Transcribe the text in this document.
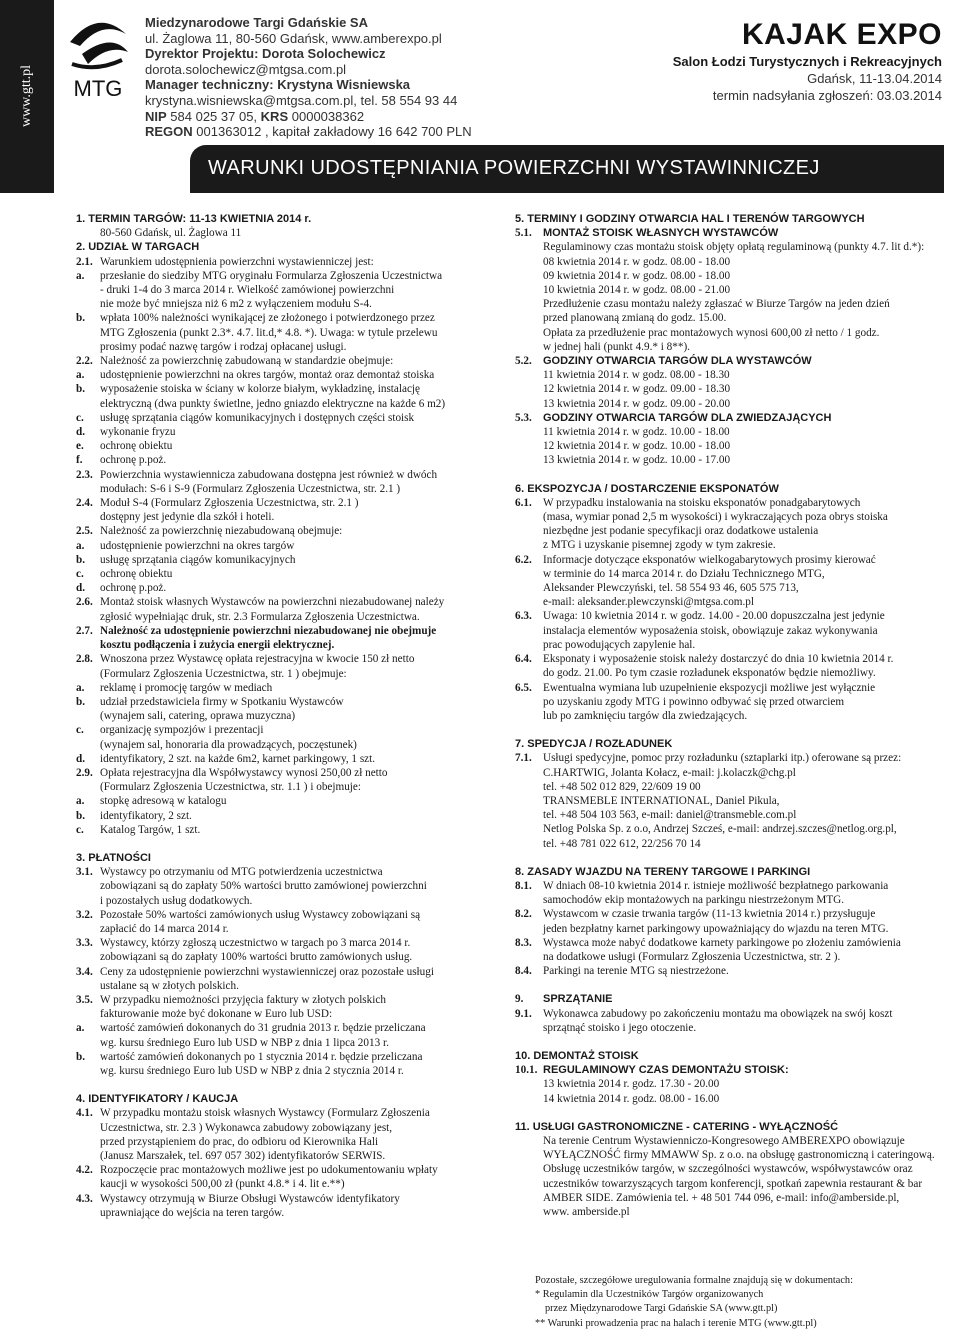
www.gtt.pl MTG
Miedzynarodowe Targi Gdańskie SA
ul. Żaglowa 11, 80-560 Gdańsk, www.amberexpo.pl
Dyrektor Projektu: Dorota Solochewicz
dorota.solochewicz@mtgsa.com.pl
Manager techniczny: Krystyna Wisniewska
krystyna.wisniewska@mtgsa.com.pl, tel. 58 554 93 44
NIP 584 025 37 05, KRS 0000038362
REGON 001363012 , kapitał zakładowy 16 642 700 PLN
KAJAK EXPO
Salon Łodzi Turystycznych i Rekreacyjnych
Gdańsk, 11-13.04.2014
termin nadsyłania zgłoszeń: 03.03.2014
WARUNKI UDOSTĘPNIANIA POWIERZCHNI WYSTAWINNICZEJ
1. TERMIN TARGÓW: 11-13 KWIETNIA 2014 r.
80-560 Gdańsk, ul. Żaglowa 11
2. UDZIAŁ W TARGACH
2.1. Warunkiem udostępnienia powierzchni wystawienniczej jest:
a.	przesłanie do siedziby MTG oryginału Formularza Zgłoszenia Uczestnictwa
- druki 1-4 do 3 marca 2014 r. Wielkość zamówionej powierzchni
nie może być mniejsza niż 6 m2 z wyłączeniem modułu S-4.
b.	wpłata 100% należności wynikającej ze złożonego i potwierdzonego przez
MTG Zgłoszenia (punkt 2.3*. 4.7. lit.d,* 4.8. *). Uwaga: w tytule przelewu
prosimy podać nazwę targów i rodzaj opłacanej usługi.
2.2. Należność za powierzchnię zabudowaną w standardzie obejmuje:
a.	udostępnienie powierzchni na okres targów, montaż oraz demontaż stoiska
b.	wyposażenie stoiska w ściany w kolorze białym, wykładzinę, instalację
elektryczną (dwa punkty świetlne, jedno gniazdo elektryczne na każde 6 m2)
c.	usługę sprzątania ciągów komunikacyjnych i dostępnych części stoisk
d.	wykonanie fryzu
e.	ochronę obiektu
f.	ochronę p.poż.
2.3. Powierzchnia wystawiennicza zabudowana dostępna jest również w dwóch
modułach: S-6 i S-9 (Formularz Zgłoszenia Uczestnictwa, str. 2.1 )
2.4. Moduł S-4 (Formularz Zgłoszenia Uczestnictwa, str. 2.1 )
dostępny jest jedynie dla szkół i hoteli.
2.5. Należność za powierzchnię niezabudowaną obejmuje:
a.	udostępnienie powierzchni na okres targów
b.	usługę sprzątania ciągów komunikacyjnych
c.	ochronę obiektu
d.	ochronę p.poż.
2.6. Montaż stoisk własnych Wystawców na powierzchni niezabudowanej należy
zgłosić wypełniając druk, str. 2.3 Formularza Zgłoszenia Uczestnictwa.
2.7. Należność za udostępnienie powierzchni niezabudowanej nie obejmuje
kosztu podłączenia i zużycia energii elektrycznej.
2.8. Wnoszona przez Wystawcę opłata rejestracyjna w kwocie 150 zł netto
(Formularz Zgłoszenia Uczestnictwa, str. 1 ) obejmuje:
a.	reklamę i promocję targów w mediach
b.	udział przedstawiciela firmy w Spotkaniu Wystawców
(wynajem sali, catering, oprawa muzyczna)
c.	organizację sympozjów i prezentacji
(wynajem sal, honoraria dla prowadzących, poczęstunek)
d.	identyfikatory, 2 szt. na każde 6m2, karnet parkingowy, 1 szt.
2.9. Opłata rejestracyjna dla Współwystawcy wynosi 250,00 zł netto
(Formularz Zgłoszenia Uczestnictwa, str. 1.1 ) i obejmuje:
a.	stopkę adresową w katalogu
b.	identyfikatory, 2 szt.
c.	Katalog Targów, 1 szt.
3. PŁATNOŚCI
3.1. Wystawcy po otrzymaniu od MTG potwierdzenia uczestnictwa
zobowiązani są do zapłaty 50% wartości brutto zamówionej powierzchni
i pozostałych usług dodatkowych.
3.2. Pozostałe 50% wartości zamówionych usług Wystawcy zobowiązani są
zapłacić do 14 marca 2014 r.
3.3. Wystawcy, którzy zgłoszą uczestnictwo w targach po 3 marca 2014 r.
zobowiązani są do zapłaty 100% wartości brutto zamówionych usług.
3.4. Ceny za udostępnienie powierzchni wystawienniczej oraz pozostałe usługi
ustalane są w złotych polskich.
3.5. W przypadku niemożności przyjęcia faktury w złotych polskich
fakturowanie może być dokonane w Euro lub USD:
a.	wartość zamówień dokonanych do 31 grudnia 2013 r. będzie przeliczana
wg. kursu średniego Euro lub USD w NBP z dnia 1 lipca 2013 r.
b.	wartość zamówień dokonanych po 1 stycznia 2014 r. będzie przeliczana
wg. kursu średniego Euro lub USD w NBP z dnia 2 stycznia 2014 r.
4. IDENTYFIKATORY / KAUCJA
4.1. W przypadku montażu stoisk własnych Wystawcy (Formularz Zgłoszenia
Uczestnictwa, str. 2.3 ) Wykonawca zabudowy zobowiązany jest,
przed przystąpieniem do prac, do odbioru od Kierownika Hali
(Janusz Marszałek, tel. 697 057 302) identyfikatorów SERWIS.
4.2. Rozpoczęcie prac montażowych możliwe jest po udokumentowaniu wpłaty
kaucji w wysokości 500,00 zł (punkt 4.8.* i 4. lit e.**)
4.3. Wystawcy otrzymują w Biurze Obsługi Wystawców identyfikatory
uprawniające do wejścia na teren targów.
5. TERMINY I GODZINY OTWARCIA HAL I TERENÓW TARGOWYCH
5.1.	MONTAŻ STOISK WŁASNYCH WYSTAWCÓW
Regulaminowy czas montażu stoisk objęty opłatą regulaminową (punkty 4.7. lit d.*):
08 kwietnia 2014 r. w godz. 08.00 - 18.00
09 kwietnia 2014 r. w godz. 08.00 - 18.00
10 kwietnia 2014 r. w godz. 08.00 - 21.00
Przedłużenie czasu montażu należy zgłaszać w Biurze Targów na jeden dzień
przed planowaną zmianą do godz. 15.00.
Opłata za przedłużenie prac montażowych wynosi 600,00 zł netto / 1 godz.
w jednej hali (punkt 4.9.* i 8**).
5.2.	GODZINY OTWARCIA TARGÓW DLA WYSTAWCÓW
11 kwietnia 2014 r. w godz. 08.00 - 18.30
12 kwietnia 2014 r. w godz. 09.00 - 18.30
13 kwietnia 2014 r. w godz. 09.00 - 20.00
5.3.	GODZINY OTWARCIA TARGÓW DLA ZWIEDZAJĄCYCH
11 kwietnia 2014 r. w godz. 10.00 - 18.00
12 kwietnia 2014 r. w godz. 10.00 - 18.00
13 kwietnia 2014 r. w godz. 10.00 - 17.00
6. EKSPOZYCJA / DOSTARCZENIE EKSPONATÓW
6.1.	W przypadku instalowania na stoisku eksponatów ponadgabarytowych
(masa, wymiar ponad 2,5 m wysokości) i wykraczających poza obrys stoiska
niezbędne jest podanie specyfikacji oraz dodatkowe ustalenia
z MTG i uzyskanie pisemnej zgody w tym zakresie.
6.2.	Informacje dotyczące eksponatów wielkogabarytowych prosimy kierować
w terminie do 14 marca 2014 r. do Działu Technicznego MTG,
Aleksander Plewczyński, tel. 58 554 93 46, 605 575 713,
e-mail: aleksander.plewczynski@mtgsa.com.pl
6.3.	Uwaga: 10 kwietnia 2014 r. w godz. 14.00 - 20.00 dopuszczalna jest jedynie
instalacja elementów wyposażenia stoisk, obowiązuje zakaz wykonywania
prac powodujących zapylenie hal.
6.4.	Eksponaty i wyposażenie stoisk należy dostarczyć do dnia 10 kwietnia 2014 r.
do godz. 21.00. Po tym czasie rozładunek eksponatów będzie niemożliwy.
6.5.	Ewentualna wymiana lub uzupełnienie ekspozycji możliwe jest wyłącznie
po uzyskaniu zgody MTG i powinno odbywać się przed otwarciem
lub po zamknięciu targów dla zwiedzających.
7. SPEDYCJA / ROZŁADUNEK
7.1.	Usługi spedycyjne, pomoc przy rozładunku (sztaplarki itp.) oferowane są przez:
C.HARTWIG, Jolanta Kołacz, e-mail: j.kolaczk@chg.pl
tel. +48 502 012 829, 22/609 19 00
TRANSMEBLE INTERNATIONAL, Daniel Pikula,
tel. +48 504 103 563, e-mail: daniel@transmeble.com.pl
Netlog Polska Sp. z o.o, Andrzej Szcześ, e-mail: andrzej.szczes@netlog.org.pl,
tel. +48 781 022 612, 22/256 70 14
8. ZASADY WJAZDU NA TERENY TARGOWE I PARKINGI
8.1.	W dniach 08-10 kwietnia 2014 r. istnieje możliwość bezpłatnego parkowania
samochodów ekip montażowych na parkingu niestrzeżonym MTG.
8.2.	Wystawcom w czasie trwania targów (11-13 kwietnia 2014 r.) przysługuje
jeden bezpłatny karnet parkingowy upoważniający do wjazdu na teren MTG.
8.3.	Wystawca może nabyć dodatkowe karnety parkingowe po złożeniu zamówienia
na dodatkowe usługi (Formularz Zgłoszenia Uczestnictwa, str. 2 ).
8.4.	Parkingi na terenie MTG są niestrzeżone.
9.	SPRZĄTANIE
9.1.	Wykonawca zabudowy po zakończeniu montażu ma obowiązek na swój koszt
sprzątnąć stoisko i jego otoczenie.
10. DEMONTAŻ STOISK
10.1. REGULAMINOWY CZAS DEMONTAŻU STOISK:
13 kwietnia 2014 r. godz. 17.30 - 20.00
14 kwietnia 2014 r. godz. 08.00 - 16.00
11. USŁUGI GASTRONOMICZNE - CATERING - WYŁĄCZNOŚĆ
Na terenie Centrum Wystawienniczo-Kongresowego AMBEREXPO obowiązuje
WYŁĄCZNOŚĆ firmy MMAWW Sp. z o.o. na obsługę gastronomiczną i cateringową.
Obsługę uczestników targów, w szczególności wystawców, współwystawców oraz
uczestników towarzyszących targom konferencji, spotkań zapewnia restaurant & bar
AMBER SIDE. Zamówienia tel. + 48 501 744 096, e-mail: info@amberside.pl,
www. amberside.pl
Pozostałe, szczegółowe uregulowania formalne znajdują się w dokumentach:
* Regulamin dla Uczestników Targów organizowanych
przez Międzynarodowe Targi Gdańskie SA (www.gtt.pl)
** Warunki prowadzenia prac na halach i terenie MTG (www.gtt.pl)
